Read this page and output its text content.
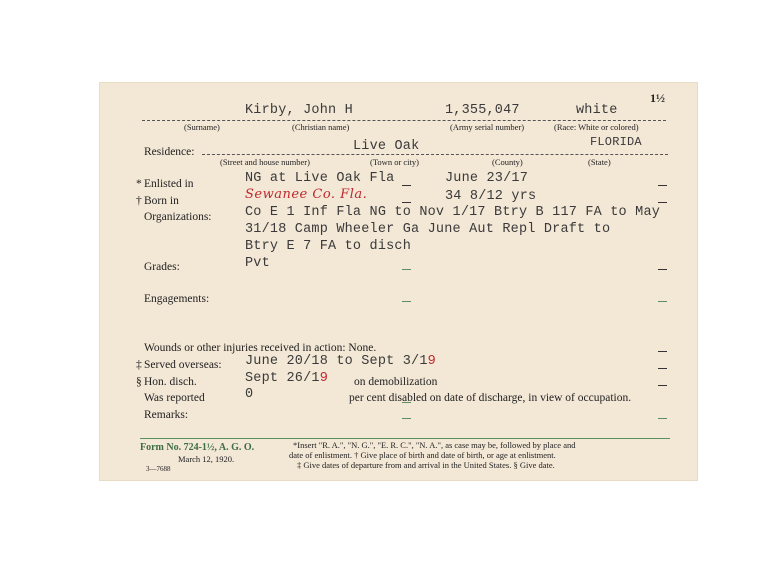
1½
Kirby, John H	1,355,047	white
(Surname)	(Christian name)	(Army serial number)	(Race: White or colored)
Residence:	Live Oak	FLORIDA
(Street and house number)	(Town or city)	(County)	(State)
* Enlisted in	NG at Live Oak Fla	June 23/17
† Born in	Sewanee Co. Fla.	34 8/12 yrs
Organizations: Co E 1 Inf Fla NG to Nov 1/17 Btry B 117 FA to May
31/18 Camp Wheeler Ga June Aut Repl Draft to
Btry E 7 FA to disch
Grades:	Pvt
Engagements:
Wounds or other injuries received in action: None.
‡ Served overseas: June 20/18 to Sept 3/19
§ Hon. disch.	Sept 26/19 on demobilization
Was reported	0	per cent disabled on date of discharge, in view of occupation.
Remarks:
Form No. 724-1½, A. G. O.
March 12, 1920.
3—7688
*Insert "R. A.", "N. G.", "E. R. C.", "N. A.", as case may be, followed by place and
date of enlistment. † Give place of birth and date of birth, or age at enlistment.
‡ Give dates of departure from and arrival in the United States. § Give date.
